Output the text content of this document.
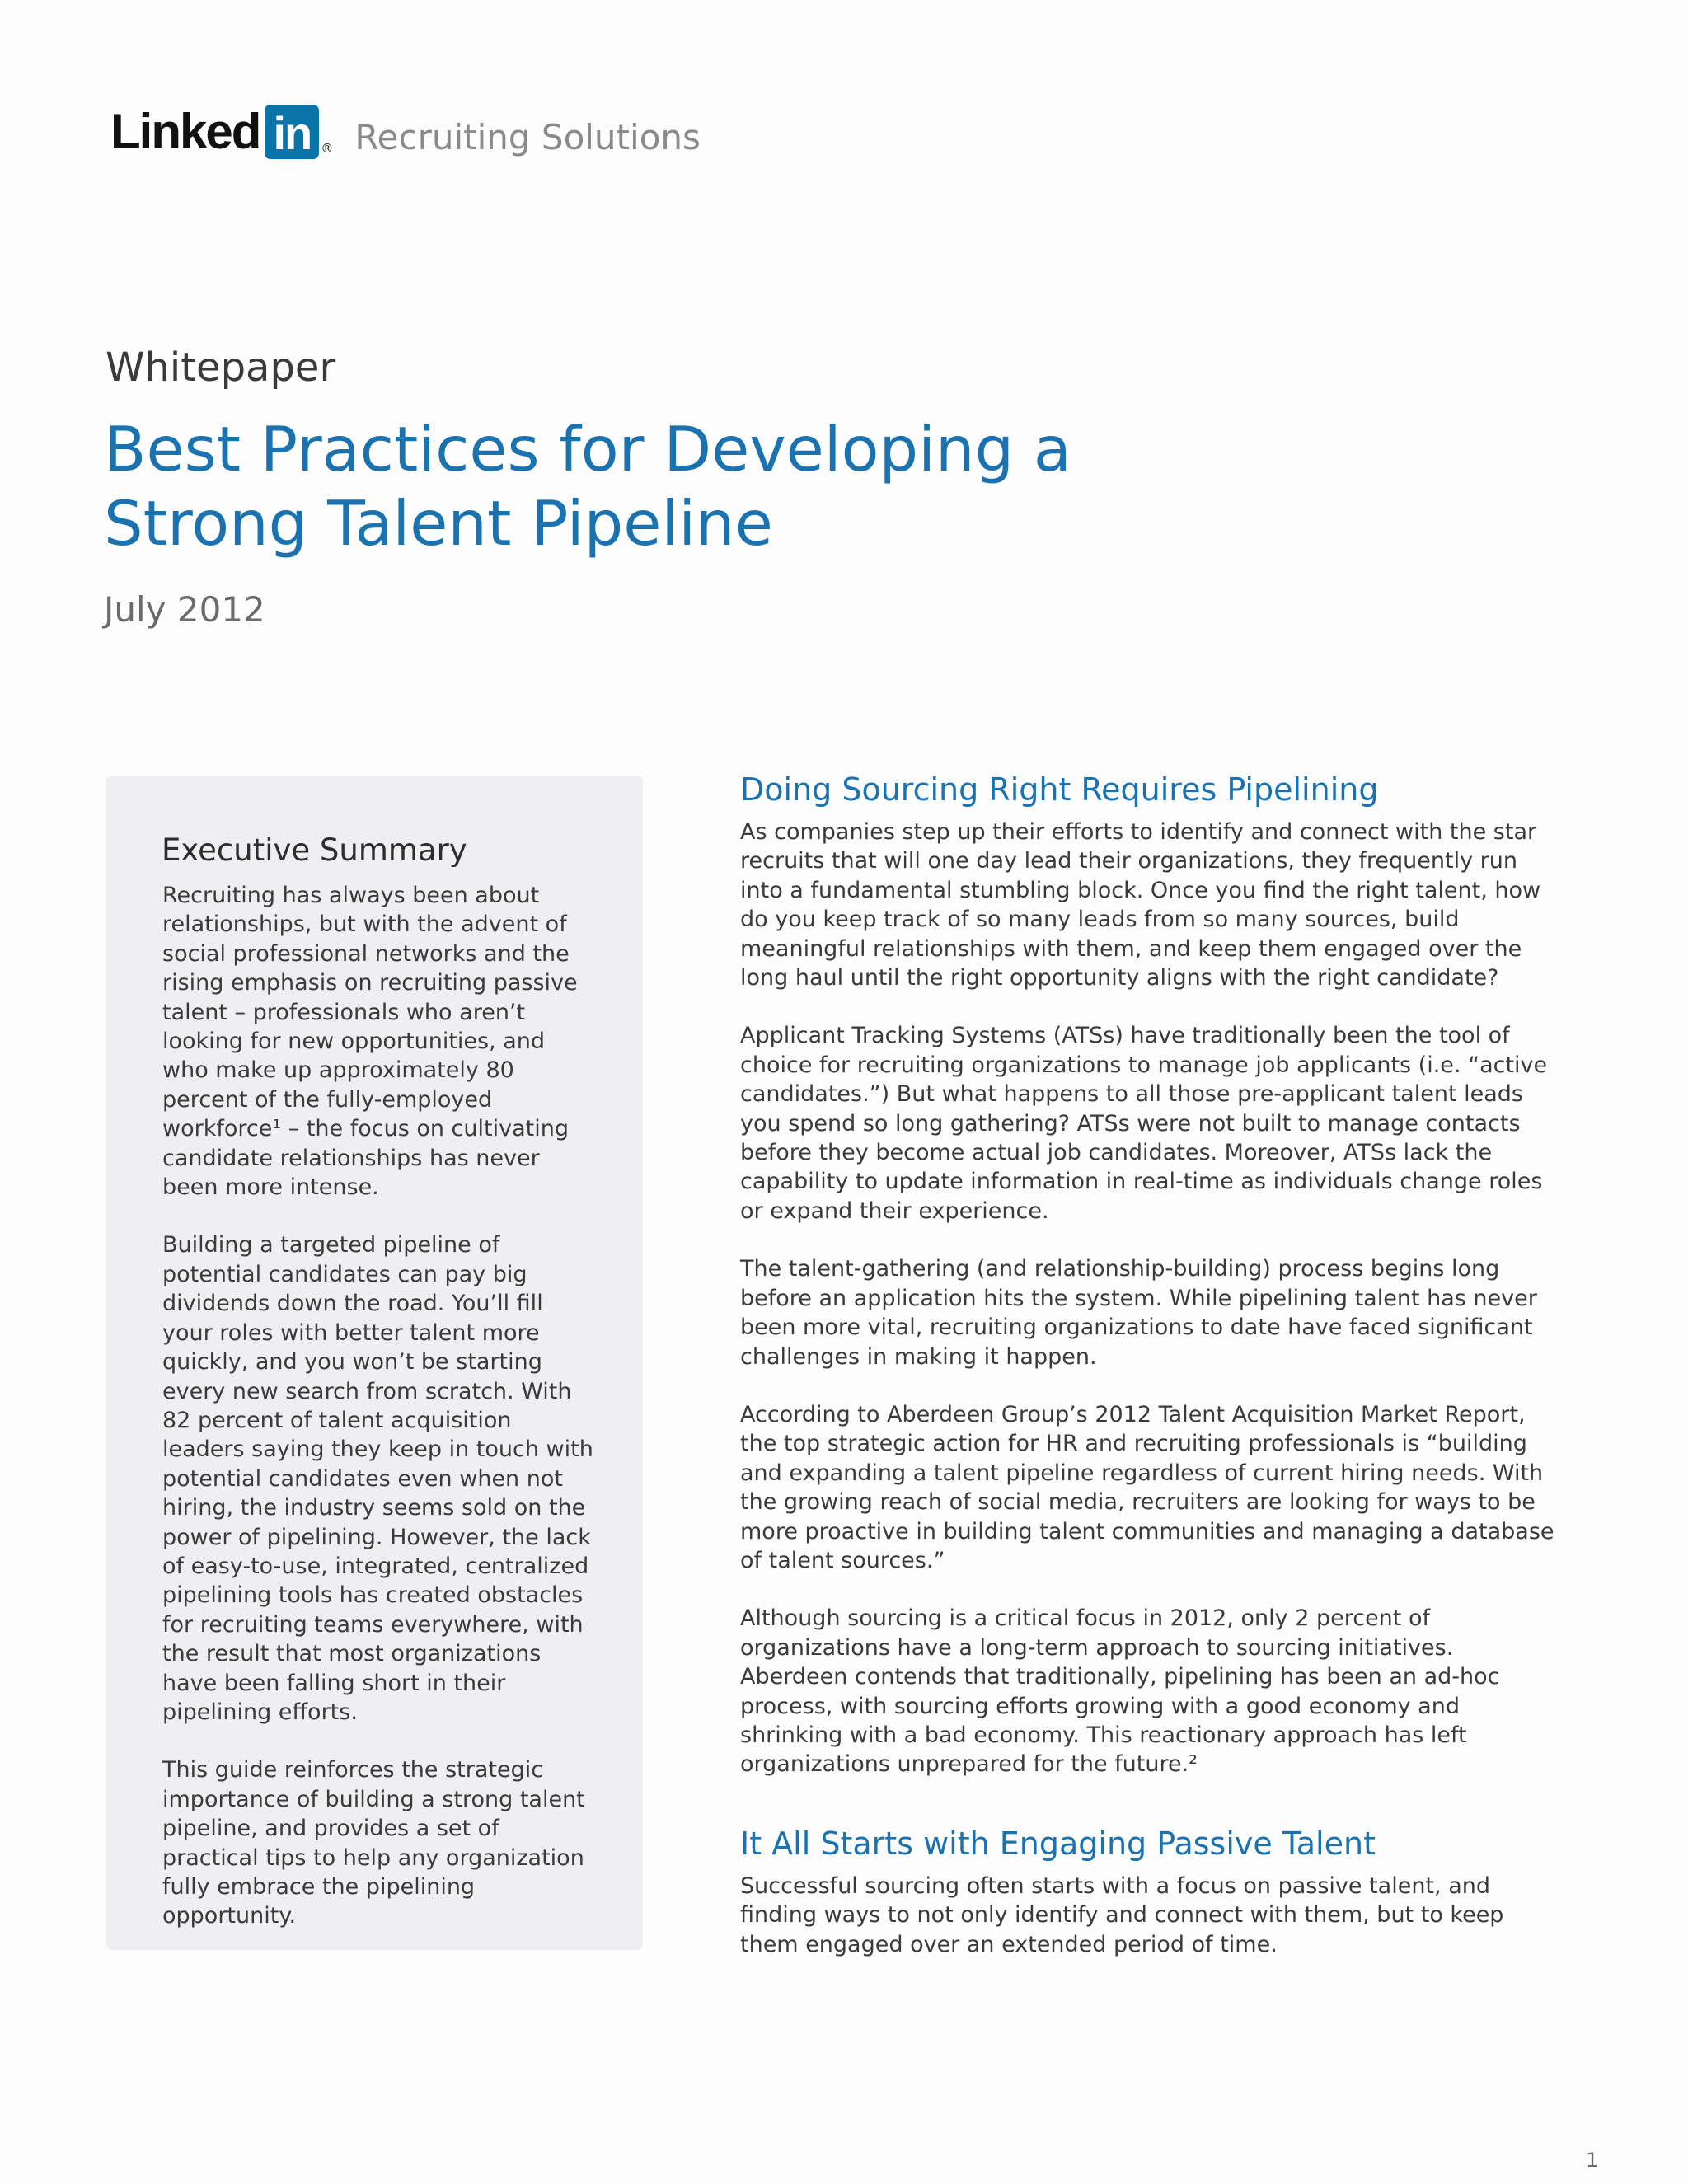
Linked in ® Recruiting Solutions
Whitepaper
Best Practices for Developing a Strong Talent Pipeline
July 2012
Executive Summary

Recruiting has always been about relationships, but with the advent of social professional networks and the rising emphasis on recruiting passive talent – professionals who aren’t looking for new opportunities, and who make up approximately 80 percent of the fully-employed workforce¹ – the focus on cultivating candidate relationships has never been more intense.

Building a targeted pipeline of potential candidates can pay big dividends down the road. You’ll fill your roles with better talent more quickly, and you won’t be starting every new search from scratch. With 82 percent of talent acquisition leaders saying they keep in touch with potential candidates even when not hiring, the industry seems sold on the power of pipelining. However, the lack of easy-to-use, integrated, centralized pipelining tools has created obstacles for recruiting teams everywhere, with the result that most organizations have been falling short in their pipelining efforts.

This guide reinforces the strategic importance of building a strong talent pipeline, and provides a set of practical tips to help any organization fully embrace the pipelining opportunity.

Doing Sourcing Right Requires Pipelining

As companies step up their efforts to identify and connect with the star recruits that will one day lead their organizations, they frequently run into a fundamental stumbling block. Once you find the right talent, how do you keep track of so many leads from so many sources, build meaningful relationships with them, and keep them engaged over the long haul until the right opportunity aligns with the right candidate?

Applicant Tracking Systems (ATSs) have traditionally been the tool of choice for recruiting organizations to manage job applicants (i.e. “active candidates.”) But what happens to all those pre-applicant talent leads you spend so long gathering? ATSs were not built to manage contacts before they become actual job candidates. Moreover, ATSs lack the capability to update information in real-time as individuals change roles or expand their experience.

The talent-gathering (and relationship-building) process begins long before an application hits the system. While pipelining talent has never been more vital, recruiting organizations to date have faced significant challenges in making it happen.

According to Aberdeen Group’s 2012 Talent Acquisition Market Report, the top strategic action for HR and recruiting professionals is “building and expanding a talent pipeline regardless of current hiring needs. With the growing reach of social media, recruiters are looking for ways to be more proactive in building talent communities and managing a database of talent sources.”

Although sourcing is a critical focus in 2012, only 2 percent of organizations have a long-term approach to sourcing initiatives. Aberdeen contends that traditionally, pipelining has been an ad-hoc process, with sourcing efforts growing with a good economy and shrinking with a bad economy. This reactionary approach has left organizations unprepared for the future.²

It All Starts with Engaging Passive Talent

Successful sourcing often starts with a focus on passive talent, and finding ways to not only identify and connect with them, but to keep them engaged over an extended period of time.

1
